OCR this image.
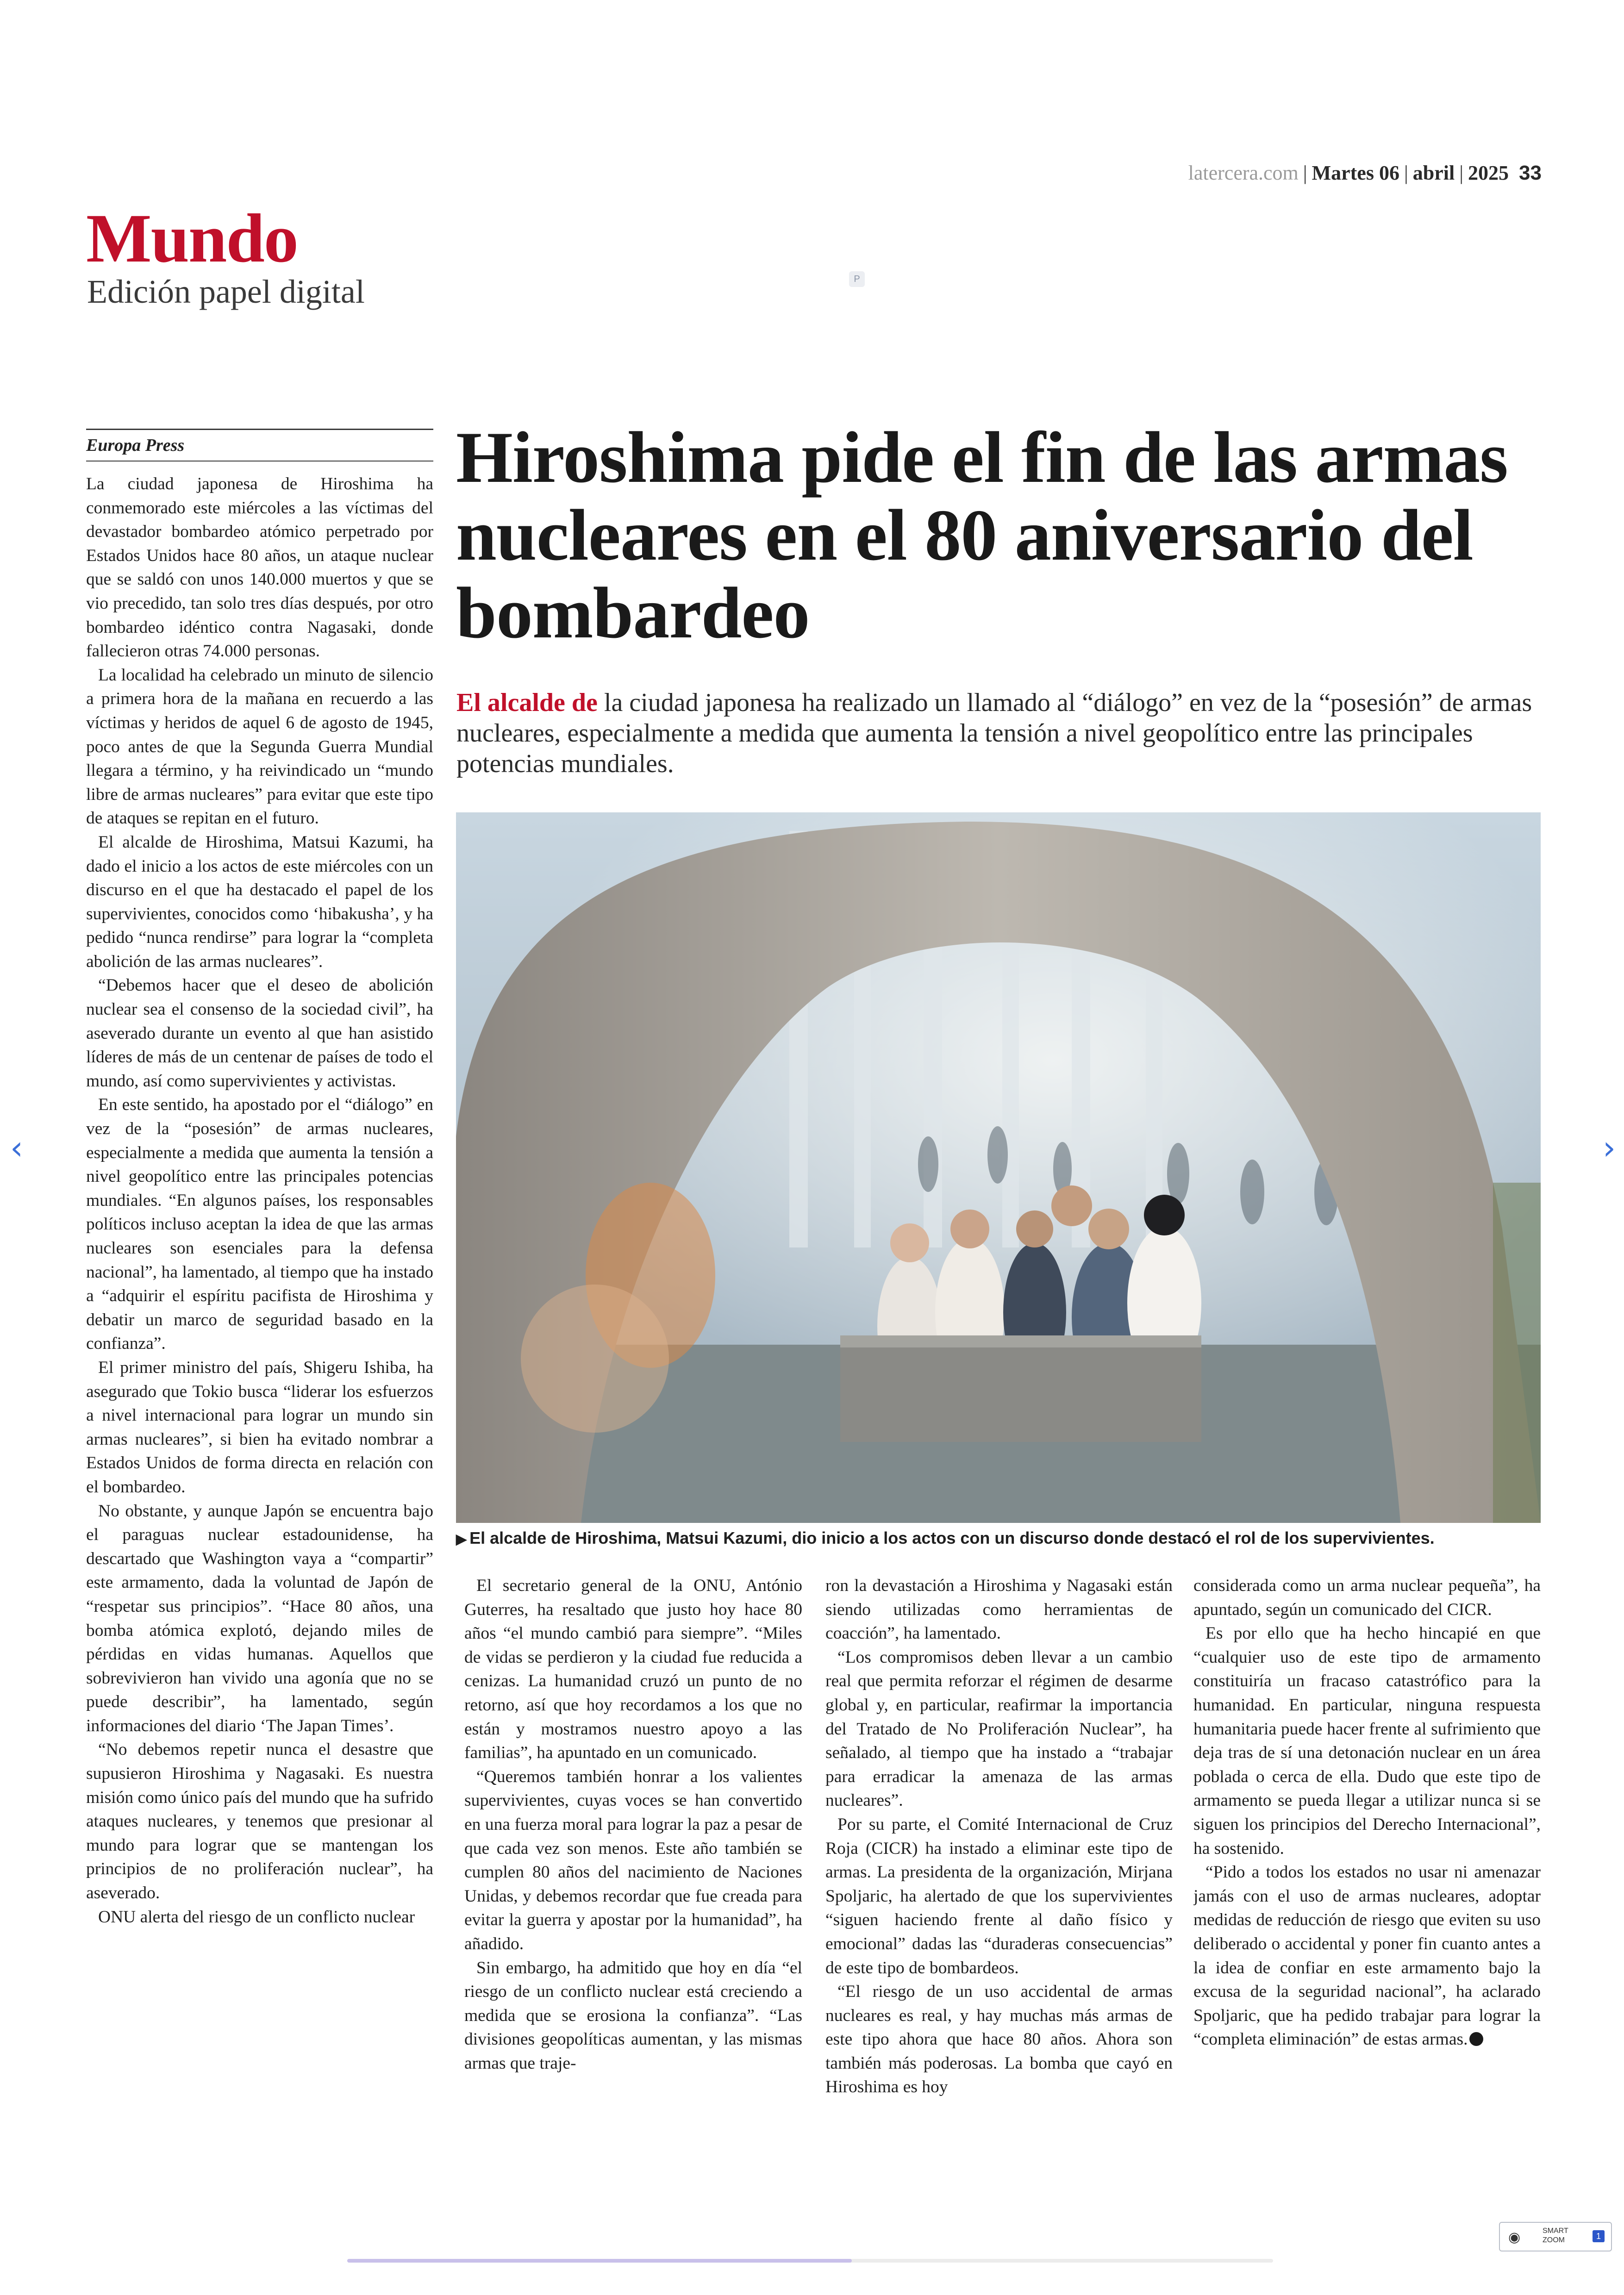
latercera.com | Martes 06 | abril | 2025 33
Mundo
Edición papel digital	P
Europa Press

La ciudad japonesa de Hiroshima ha conmemorado este miércoles a las víctimas del devastador bombardeo atómico perpetrado por Estados Unidos hace 80 años, un ataque nuclear que se saldó con unos 140.000 muertos y que se vio precedido, tan solo tres días después, por otro bombardeo idéntico contra Nagasaki, donde fallecieron otras 74.000 personas.

La localidad ha celebrado un minuto de silencio a primera hora de la mañana en recuerdo a las víctimas y heridos de aquel 6 de agosto de 1945, poco antes de que la Segunda Guerra Mundial llegara a término, y ha reivindicado un “mundo libre de armas nucleares” para evitar que este tipo de ataques se repitan en el futuro.

El alcalde de Hiroshima, Matsui Kazumi, ha dado el inicio a los actos de este miércoles con un discurso en el que ha destacado el papel de los supervivientes, conocidos como ‘hibakusha’, y ha pedido “nunca rendirse” para lograr la “completa abolición de las armas nucleares”.

“Debemos hacer que el deseo de abolición nuclear sea el consenso de la sociedad civil”, ha aseverado durante un evento al que han asistido líderes de más de un centenar de países de todo el mundo, así como supervivientes y activistas.

En este sentido, ha apostado por el “diálogo” en vez de la “posesión” de armas nucleares, especialmente a medida que aumenta la tensión a nivel geopolítico entre las principales potencias mundiales. “En algunos países, los responsables políticos incluso aceptan la idea de que las armas nucleares son esenciales para la defensa nacional”, ha lamentado, al tiempo que ha instado a “adquirir el espíritu pacifista de Hiroshima y debatir un marco de seguridad basado en la confianza”.

El primer ministro del país, Shigeru Ishiba, ha asegurado que Tokio busca “liderar los esfuerzos a nivel internacional para lograr un mundo sin armas nucleares”, si bien ha evitado nombrar a Estados Unidos de forma directa en relación con el bombardeo.

No obstante, y aunque Japón se encuentra bajo el paraguas nuclear estadounidense, ha descartado que Washington vaya a “compartir” este armamento, dada la voluntad de Japón de “respetar sus principios”. “Hace 80 años, una bomba atómica explotó, dejando miles de pérdidas en vidas humanas. Aquellos que sobrevivieron han vivido una agonía que no se puede describir”, ha lamentado, según informaciones del diario ‘The Japan Times’.

“No debemos repetir nunca el desastre que supusieron Hiroshima y Nagasaki. Es nuestra misión como único país del mundo que ha sufrido ataques nucleares, y tenemos que presionar al mundo para lograr que se mantengan los principios de no proliferación nuclear”, ha aseverado.

ONU alerta del riesgo de un conflicto nuclear

Hiroshima pide el fin de las armas nucleares en el 80 aniversario del bombardeo
El alcalde de la ciudad japonesa ha realizado un llamado al “diálogo” en vez de la “posesión” de armas nucleares, especialmente a medida que aumenta la tensión a nivel geopolítico entre las principales potencias mundiales.
▶ El alcalde de Hiroshima, Matsui Kazumi, dio inicio a los actos con un discurso donde destacó el rol de los supervivientes.

El secretario general de la ONU, António Guterres, ha resaltado que justo hoy hace 80 años “el mundo cambió para siempre”. “Miles de vidas se perdieron y la ciudad fue reducida a cenizas. La humanidad cruzó un punto de no retorno, así que hoy recordamos a los que no están y mostramos nuestro apoyo a las familias”, ha apuntado en un comunicado.

“Queremos también honrar a los valientes supervivientes, cuyas voces se han convertido en una fuerza moral para lograr la paz a pesar de que cada vez son menos. Este año también se cumplen 80 años del nacimiento de Naciones Unidas, y debemos recordar que fue creada para evitar la guerra y apostar por la humanidad”, ha añadido.

Sin embargo, ha admitido que hoy en día “el riesgo de un conflicto nuclear está creciendo a medida que se erosiona la confianza”. “Las divisiones geopolíticas aumentan, y las mismas armas que traje-

ron la devastación a Hiroshima y Nagasaki están siendo utilizadas como herramientas de coacción”, ha lamentado.

“Los compromisos deben llevar a un cambio real que permita reforzar el régimen de desarme global y, en particular, reafirmar la importancia del Tratado de No Proliferación Nuclear”, ha señalado, al tiempo que ha instado a “trabajar para erradicar la amenaza de las armas nucleares”.

Por su parte, el Comité Internacional de Cruz Roja (CICR) ha instado a eliminar este tipo de armas. La presidenta de la organización, Mirjana Spoljaric, ha alertado de que los supervivientes “siguen haciendo frente al daño físico y emocional” dadas las “duraderas consecuencias” de este tipo de bombardeos.

“El riesgo de un uso accidental de armas nucleares es real, y hay muchas más armas de este tipo ahora que hace 80 años. Ahora son también más poderosas. La bomba que cayó en Hiroshima es hoy

considerada como un arma nuclear pequeña”, ha apuntado, según un comunicado del CICR.

Es por ello que ha hecho hincapié en que “cualquier uso de este tipo de armamento constituiría un fracaso catastrófico para la humanidad. En particular, ninguna respuesta humanitaria puede hacer frente al sufrimiento que deja tras de sí una detonación nuclear en un área poblada o cerca de ella. Dudo que este tipo de armamento se pueda llegar a utilizar nunca si se siguen los principios del Derecho Internacional”, ha sostenido.

“Pido a todos los estados no usar ni amenazar jamás con el uso de armas nucleares, adoptar medidas de reducción de riesgo que eviten su uso deliberado o accidental y poner fin cuanto antes a la idea de confiar en este armamento bajo la excusa de la seguridad nacional”, ha aclarado Spoljaric, que ha pedido trabajar para lograr la “completa eliminación” de estas armas.

‹	›
◉	SMART
ZOOM	1
